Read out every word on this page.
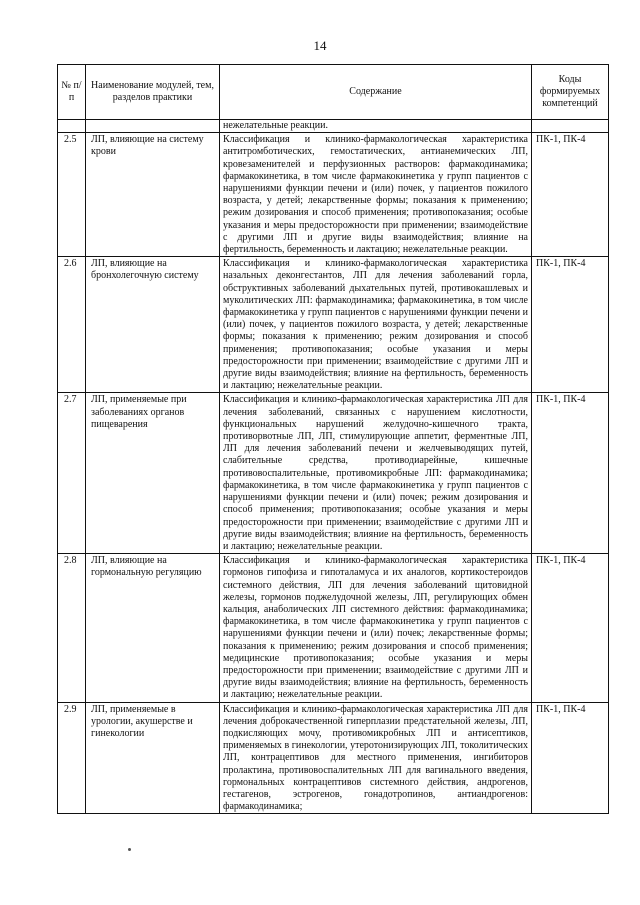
14
№ п/п	Наименование модулей, тем, разделов практики	Содержание	Коды формируемых компетенций
		нежелательные реакции.	
2.5	ЛП, влияющие на систему крови	Классификация и клинико-фармакологическая характеристика антитромботических, гемостатических, антианемических ЛП, кровезаменителей и перфузионных растворов: фармакодинамика; фармакокинетика, в том числе фармакокинетика у групп пациентов с нарушениями функции печени и (или) почек, у пациентов пожилого возраста, у детей; лекарственные формы; показания к применению; режим дозирования и способ применения; противопоказания; особые указания и меры предосторожности при применении; взаимодействие с другими ЛП и другие виды взаимодействия; влияние на фертильность, беременность и лактацию; нежелательные реакции.	ПК-1, ПК-4
2.6	ЛП, влияющие на бронхолегочную систему	Классификация и клинико-фармакологическая характеристика назальных деконгестантов, ЛП для лечения заболеваний горла, обструктивных заболеваний дыхательных путей, противокашлевых и муколитических ЛП: фармакодинамика; фармакокинетика, в том числе фармакокинетика у групп пациентов с нарушениями функции печени и (или) почек, у пациентов пожилого возраста, у детей; лекарственные формы; показания к применению; режим дозирования и способ применения; противопоказания; особые указания и меры предосторожности при применении; взаимодействие с другими ЛП и другие виды взаимодействия; влияние на фертильность, беременность и лактацию; нежелательные реакции.	ПК-1, ПК-4
2.7	ЛП, применяемые при заболеваниях органов пищеварения	Классификация и клинико-фармакологическая характеристика ЛП для лечения заболеваний, связанных с нарушением кислотности, функциональных нарушений желудочно-кишечного тракта, противорвотные ЛП, ЛП, стимулирующие аппетит, ферментные ЛП, ЛП для лечения заболеваний печени и желчевыводящих путей, слабительные средства, противодиарейные, кишечные противовоспалительные, противомикробные ЛП: фармакодинамика; фармакокинетика, в том числе фармакокинетика у групп пациентов с нарушениями функции печени и (или) почек; режим дозирования и способ применения; противопоказания; особые указания и меры предосторожности при применении; взаимодействие с другими ЛП и другие виды взаимодействия; влияние на фертильность, беременность и лактацию; нежелательные реакции.	ПК-1, ПК-4
2.8	ЛП, влияющие на гормональную регуляцию	Классификация и клинико-фармакологическая характеристика гормонов гипофиза и гипоталамуса и их аналогов, кортикостероидов системного действия, ЛП для лечения заболеваний щитовидной железы, гормонов поджелудочной железы, ЛП, регулирующих обмен кальция, анаболических ЛП системного действия: фармакодинамика; фармакокинетика, в том числе фармакокинетика у групп пациентов с нарушениями функции печени и (или) почек; лекарственные формы; показания к применению; режим дозирования и способ применения; медицинские противопоказания; особые указания и меры предосторожности при применении; взаимодействие с другими ЛП и другие виды взаимодействия; влияние на фертильность, беременность и лактацию; нежелательные реакции.	ПК-1, ПК-4
2.9	ЛП, применяемые в урологии, акушерстве и гинекологии	Классификация и клинико-фармакологическая характеристика ЛП для лечения доброкачественной гиперплазии предстательной железы, ЛП, подкисляющих мочу, противомикробных ЛП и антисептиков, применяемых в гинекологии, утеротонизирующих ЛП, токолитических ЛП, контрацептивов для местного применения, ингибиторов пролактина, противовоспалительных ЛП для вагинального введения, гормональных контрацептивов системного действия, андрогенов, гестагенов, эстрогенов, гонадотропинов, антиандрогенов: фармакодинамика;	ПК-1, ПК-4
